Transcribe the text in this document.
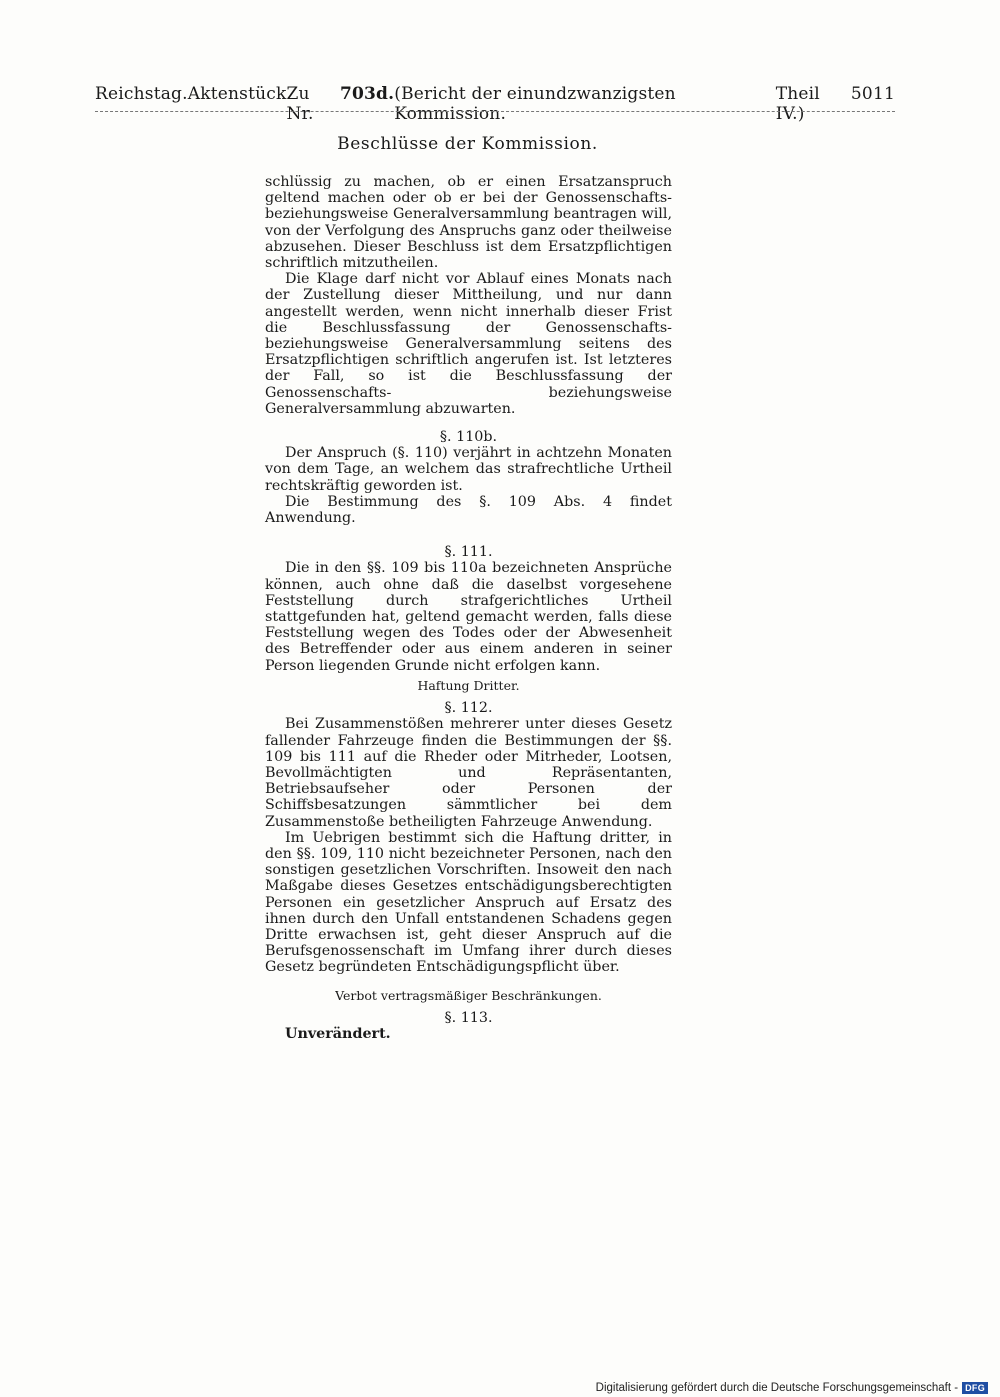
Reichstag. Aktenstück Zu Nr.
703d. (Bericht der einundzwanzigsten Kommission.
Theil IV.)
5011
Beschlüsse der Kommission.

schlüssig zu machen, ob er einen Ersatzanspruch geltend machen oder ob er bei der Genossenschafts- beziehungsweise Generalversammlung beantragen will, von der Verfolgung des Anspruchs ganz oder theilweise abzusehen. Dieser Beschluss ist dem Ersatzpflichtigen schriftlich mitzutheilen.

Die Klage darf nicht vor Ablauf eines Monats nach der Zustellung dieser Mittheilung, und nur dann angestellt werden, wenn nicht innerhalb dieser Frist die Beschlussfassung der Genossenschafts- beziehungsweise Generalversammlung seitens des Ersatzpflichtigen schriftlich angerufen ist. Ist letzteres der Fall, so ist die Beschlussfassung der Genossenschafts- beziehungsweise Generalversammlung abzuwarten.

§. 110b.

Der Anspruch (§. 110) verjährt in achtzehn Monaten von dem Tage, an welchem das strafrechtliche Urtheil rechtskräftig geworden ist.

Die Bestimmung des §. 109 Abs. 4 findet Anwendung.

§. 111.

Die in den §§. 109 bis 110a bezeichneten Ansprüche können, auch ohne daß die daselbst vorgesehene Feststellung durch strafgerichtliches Urtheil stattgefunden hat, geltend gemacht werden, falls diese Feststellung wegen des Todes oder der Abwesenheit des Betreffender oder aus einem anderen in seiner Person liegenden Grunde nicht erfolgen kann.

Haftung Dritter.

§. 112.

Bei Zusammenstößen mehrerer unter dieses Gesetz fallender Fahrzeuge finden die Bestimmungen der §§. 109 bis 111 auf die Rheder oder Mitrheder, Lootsen, Bevollmächtigten und Repräsentanten, Betriebsaufseher oder Personen der Schiffsbesatzungen sämmtlicher bei dem Zusammenstoße betheiligten Fahrzeuge Anwendung.

Im Uebrigen bestimmt sich die Haftung dritter, in den §§. 109, 110 nicht bezeichneter Personen, nach den sonstigen gesetzlichen Vorschriften. Insoweit den nach Maßgabe dieses Gesetzes entschädigungsberechtigten Personen ein gesetzlicher Anspruch auf Ersatz des ihnen durch den Unfall entstandenen Schadens gegen Dritte erwachsen ist, geht dieser Anspruch auf die Berufsgenossenschaft im Umfang ihrer durch dieses Gesetz begründeten Entschädigungspflicht über.

Verbot vertragsmäßiger Beschränkungen.

§. 113.

Unverändert.

Digitalisierung gefördert durch die Deutsche Forschungsgemeinschaft - DFG
